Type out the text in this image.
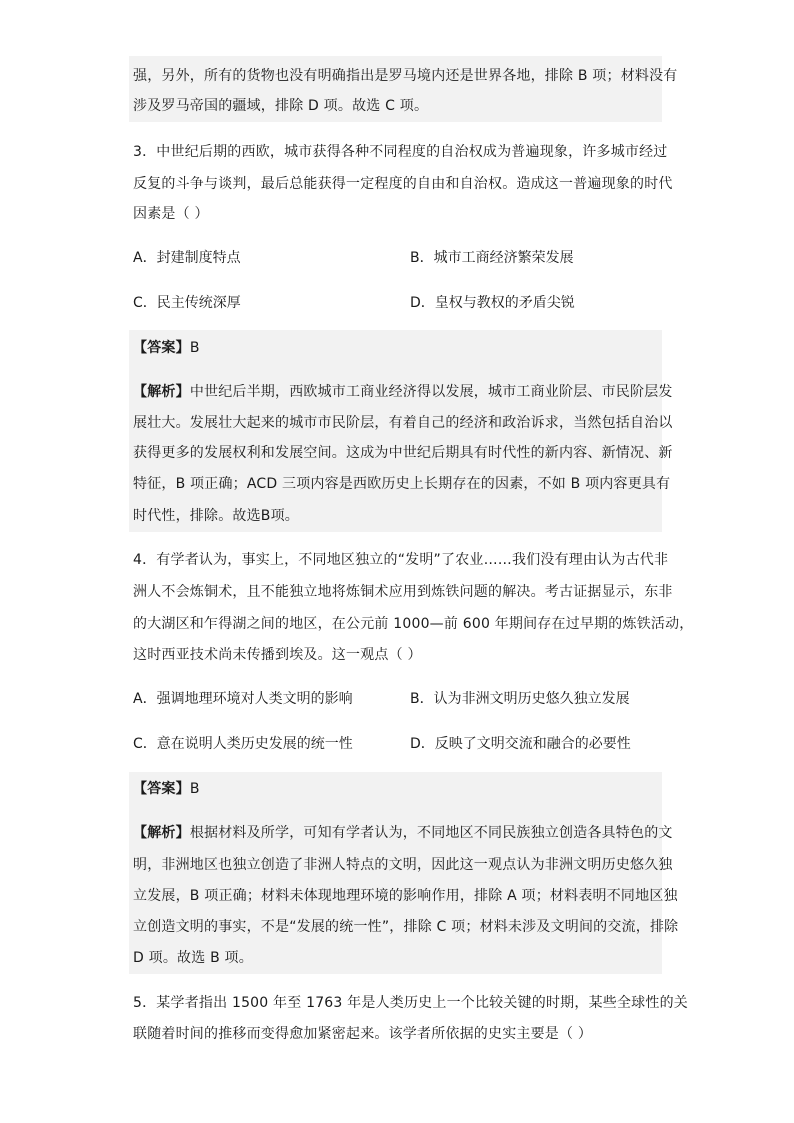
强，另外，所有的货物也没有明确指出是罗马境内还是世界各地，排除 B 项；材料没有
涉及罗马帝国的疆域，排除 D 项。故选 C 项。
3．中世纪后期的西欧，城市获得各种不同程度的自治权成为普遍现象，许多城市经过
反复的斗争与谈判，最后总能获得一定程度的自由和自治权。造成这一普遍现象的时代
因素是（ ）
A．封建制度特点	B．城市工商经济繁荣发展
C．民主传统深厚	D．皇权与教权的矛盾尖锐
【答案】B
【解析】中世纪后半期，西欧城市工商业经济得以发展，城市工商业阶层、市民阶层发
展壮大。发展壮大起来的城市市民阶层，有着自己的经济和政治诉求，当然包括自治以
获得更多的发展权利和发展空间。这成为中世纪后期具有时代性的新内容、新情况、新
特征，B 项正确；ACD 三项内容是西欧历史上长期存在的因素，不如 B 项内容更具有
时代性，排除。故选B项。
4．有学者认为，事实上，不同地区独立的“发明”了农业……我们没有理由认为古代非
洲人不会炼铜术，且不能独立地将炼铜术应用到炼铁问题的解决。考古证据显示，东非
的大湖区和乍得湖之间的地区，在公元前 1000—前 600 年期间存在过早期的炼铁活动，
这时西亚技术尚未传播到埃及。这一观点（ ）
A．强调地理环境对人类文明的影响	B．认为非洲文明历史悠久独立发展
C．意在说明人类历史发展的统一性	D．反映了文明交流和融合的必要性
【答案】B
【解析】根据材料及所学，可知有学者认为，不同地区不同民族独立创造各具特色的文
明，非洲地区也独立创造了非洲人特点的文明，因此这一观点认为非洲文明历史悠久独
立发展，B 项正确；材料未体现地理环境的影响作用，排除 A 项；材料表明不同地区独
立创造文明的事实，不是“发展的统一性”，排除 C 项；材料未涉及文明间的交流，排除
D 项。故选 B 项。
5．某学者指出 1500 年至 1763 年是人类历史上一个比较关键的时期，某些全球性的关
联随着时间的推移而变得愈加紧密起来。该学者所依据的史实主要是（ ）
